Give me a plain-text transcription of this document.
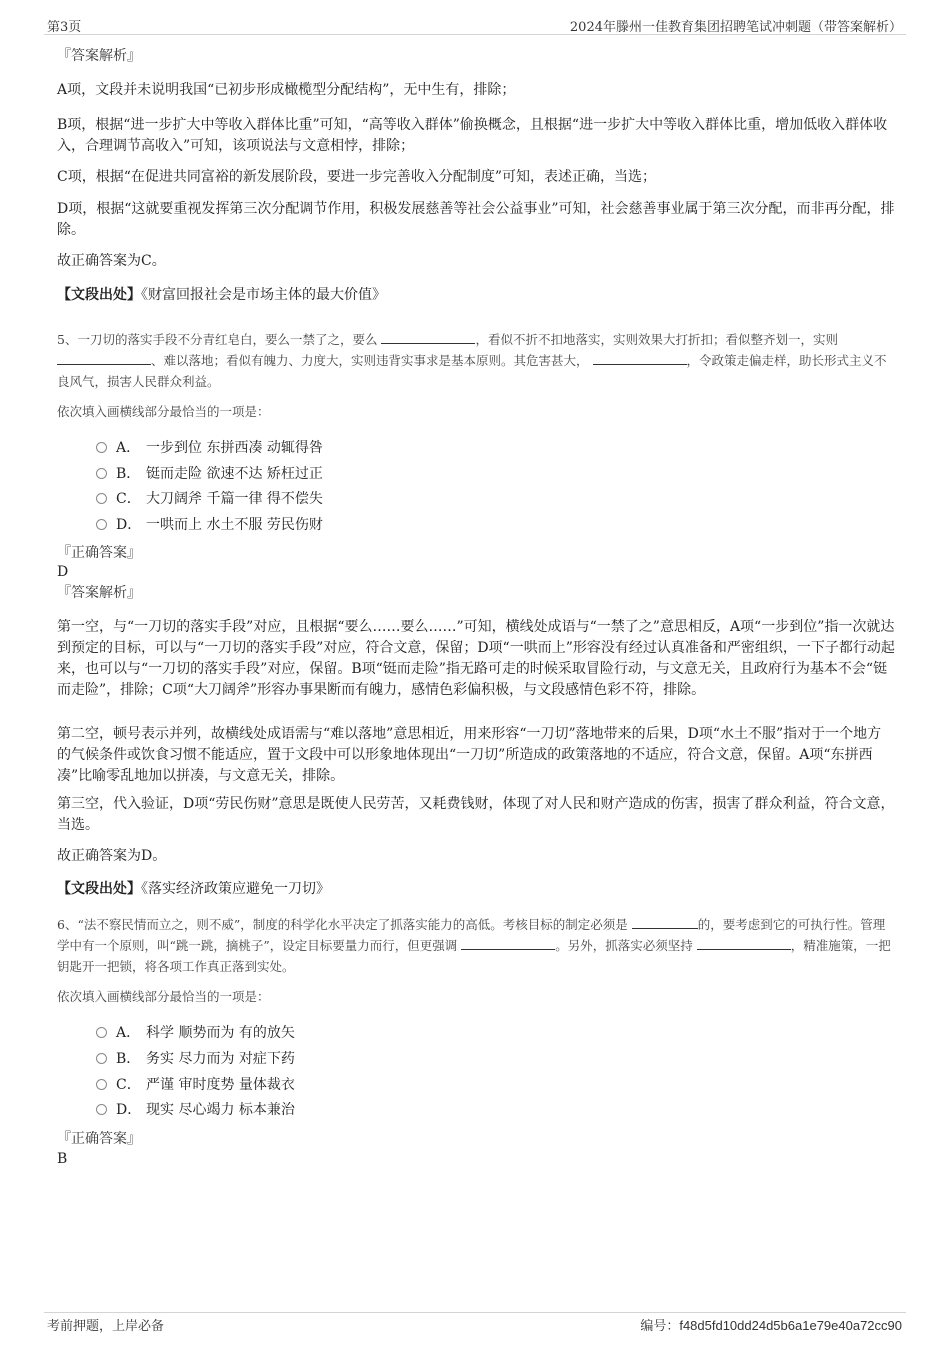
第3页	2024年滕州一佳教育集团招聘笔试冲刺题（带答案解析）
『答案解析』
A项，文段并未说明我国“已初步形成橄榄型分配结构”，无中生有，排除；
B项，根据“进一步扩大中等收入群体比重”可知，“高等收入群体”偷换概念，且根据“进一步扩大中等收入群体比重，增加低收入群体收入，合理调节高收入”可知，该项说法与文意相悖，排除；
C项，根据“在促进共同富裕的新发展阶段，要进一步完善收入分配制度”可知，表述正确，当选；
D项，根据“这就要重视发挥第三次分配调节作用，积极发展慈善等社会公益事业”可知，社会慈善事业属于第三次分配，而非再分配，排除。
故正确答案为C。
【文段出处】《财富回报社会是市场主体的最大价值》
5、一刀切的落实手段不分青红皂白，要么一禁了之，要么	，看似不折不扣地落实，实则效果大打折扣；看似整齐划一，实则 、难以落地；看似有魄力、力度大，实则违背实事求是基本原则。其危害甚大，	，令政策走偏走样，助长形式主义不良风气，损害人民群众利益。
依次填入画横线部分最恰当的一项是：
A． 一步到位 东拼西凑 动辄得咎
B． 铤而走险 欲速不达 矫枉过正
C． 大刀阔斧 千篇一律 得不偿失
D． 一哄而上 水土不服 劳民伤财
『正确答案』
D
『答案解析』
第一空，与“一刀切的落实手段”对应，且根据“要么……要么……”可知，横线处成语与“一禁了之”意思相反，A项“一步到位”指一次就达到预定的目标，可以与“一刀切的落实手段”对应，符合文意，保留；D项“一哄而上”形容没有经过认真准备和严密组织，一下子都行动起来，也可以与“一刀切的落实手段”对应，保留。B项“铤而走险”指无路可走的时候采取冒险行动，与文意无关，且政府行为基本不会“铤而走险”，排除；C项“大刀阔斧”形容办事果断而有魄力，感情色彩偏积极，与文段感情色彩不符，排除。
第二空，顿号表示并列，故横线处成语需与“难以落地”意思相近，用来形容“一刀切”落地带来的后果，D项“水土不服”指对于一个地方的气候条件或饮食习惯不能适应，置于文段中可以形象地体现出“一刀切”所造成的政策落地的不适应，符合文意，保留。A项“东拼西凑”比喻零乱地加以拼凑，与文意无关，排除。
第三空，代入验证，D项“劳民伤财”意思是既使人民劳苦，又耗费钱财，体现了对人民和财产造成的伤害，损害了群众利益，符合文意，当选。
故正确答案为D。
【文段出处】《落实经济政策应避免一刀切》
6、“法不察民情而立之，则不威”，制度的科学化水平决定了抓落实能力的高低。考核目标的制定必须是	的，要考虑到它的可执行性。管理学中有一个原则，叫“跳一跳，摘桃子”，设定目标要量力而行，但更强调	。另外，抓落实必须坚持	，精准施策，一把钥匙开一把锁，将各项工作真正落到实处。
依次填入画横线部分最恰当的一项是：
A． 科学 顺势而为 有的放矢
B． 务实 尽力而为 对症下药
C． 严谨 审时度势 量体裁衣
D． 现实 尽心竭力 标本兼治
『正确答案』
B
考前押题，上岸必备	编号：f48d5fd10dd24d5b6a1e79e40a72cc90
